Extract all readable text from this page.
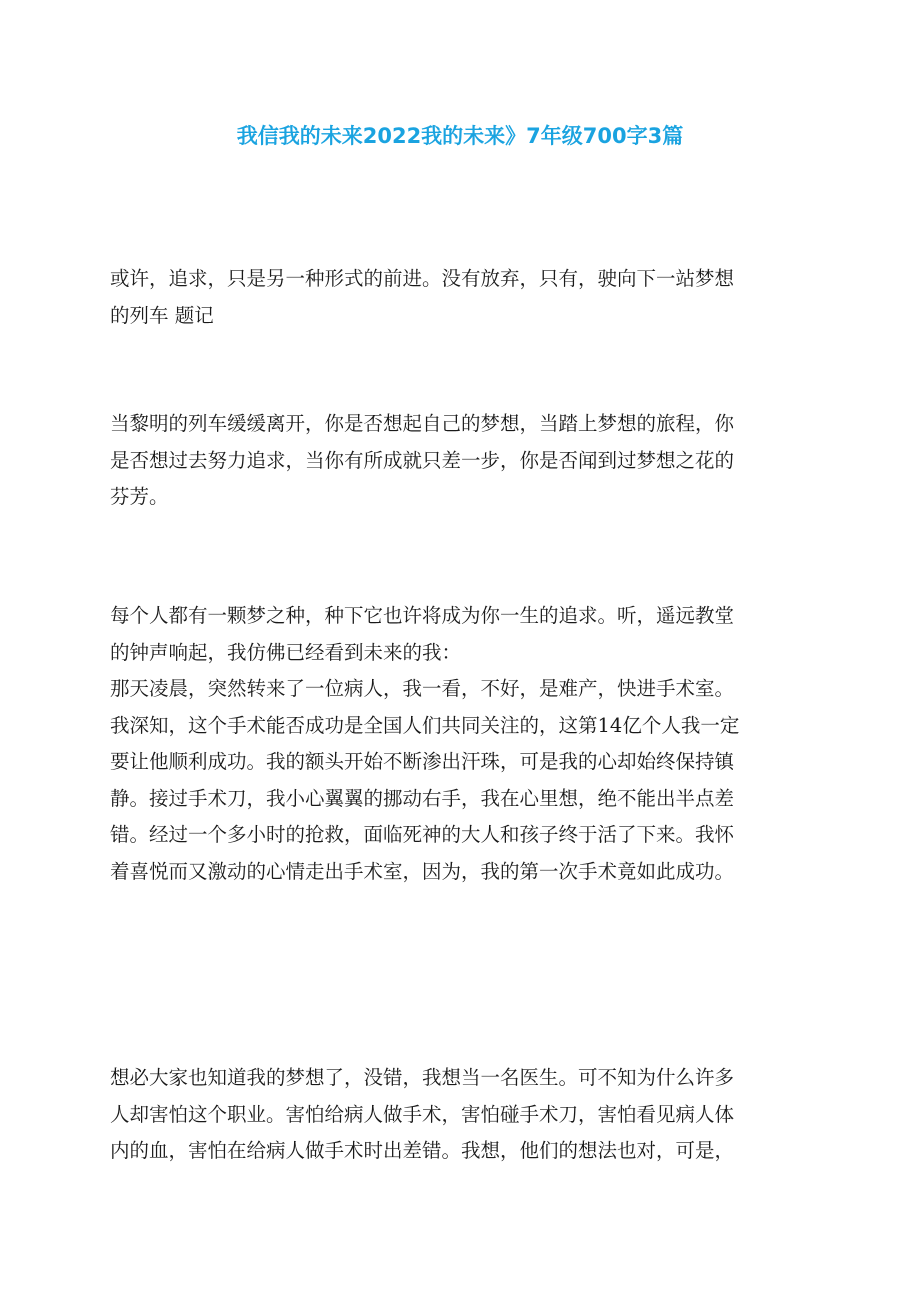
我信我的未来2022我的未来》7年级700字3篇

或许，追求，只是另一种形式的前进。没有放弃，只有，驶向下一站梦想
的列车 题记

当黎明的列车缓缓离开，你是否想起自己的梦想，当踏上梦想的旅程，你
是否想过去努力追求，当你有所成就只差一步，你是否闻到过梦想之花的
芬芳。

每个人都有一颗梦之种，种下它也许将成为你一生的追求。听，遥远教堂
的钟声响起，我仿佛已经看到未来的我：
那天凌晨，突然转来了一位病人，我一看，不好，是难产，快进手术室。
我深知，这个手术能否成功是全国人们共同关注的，这第14亿个人我一定
要让他顺利成功。我的额头开始不断渗出汗珠，可是我的心却始终保持镇
静。接过手术刀，我小心翼翼的挪动右手，我在心里想，绝不能出半点差
错。经过一个多小时的抢救，面临死神的大人和孩子终于活了下来。我怀
着喜悦而又激动的心情走出手术室，因为，我的第一次手术竟如此成功。

想必大家也知道我的梦想了，没错，我想当一名医生。可不知为什么许多
人却害怕这个职业。害怕给病人做手术，害怕碰手术刀，害怕看见病人体
内的血，害怕在给病人做手术时出差错。我想，他们的想法也对，可是，
